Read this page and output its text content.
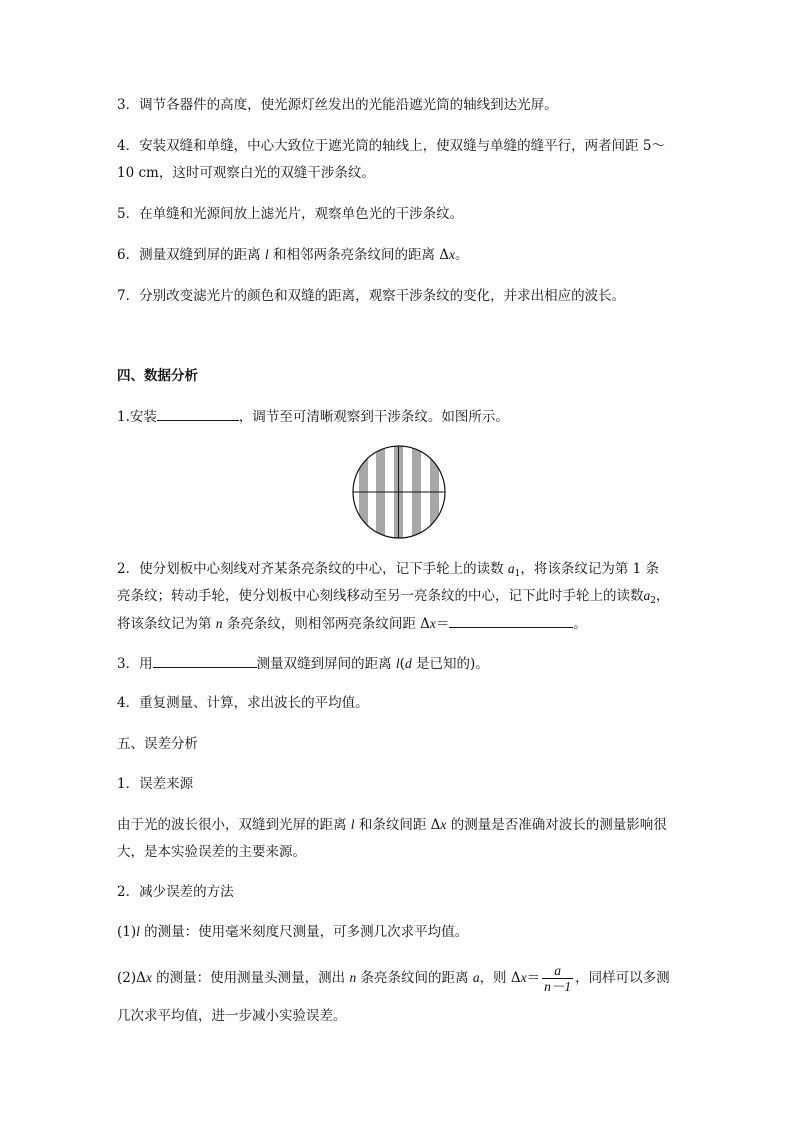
3．调节各器件的高度，使光源灯丝发出的光能沿遮光筒的轴线到达光屏。
4．安装双缝和单缝，中心大致位于遮光筒的轴线上，使双缝与单缝的缝平行，两者间距 5～
10 cm，这时可观察白光的双缝干涉条纹。
5．在单缝和光源间放上滤光片，观察单色光的干涉条纹。
6．测量双缝到屏的距离 l 和相邻两条亮条纹间的距离 Δx。
7．分别改变滤光片的颜色和双缝的距离，观察干涉条纹的变化，并求出相应的波长。
四、数据分析
1.安装	，调节至可清晰观察到干涉条纹。如图所示。
2．使分划板中心刻线对齐某条亮条纹的中心，记下手轮上的读数 $a_1$，将该条纹记为第 1 条
亮条纹；转动手轮，使分划板中心刻线移动至另一亮条纹的中心，记下此时手轮上的读数$a_2$，
将该条纹记为第 n 条亮条纹，则相邻两亮条纹间距 Δx＝	。
3．用	测量双缝到屏间的距离 l(d 是已知的)。
4．重复测量、计算，求出波长的平均值。
五、误差分析
1．误差来源
由于光的波长很小，双缝到光屏的距离 l 和条纹间距 Δx 的测量是否准确对波长的测量影响很
大，是本实验误差的主要来源。
2．减少误差的方法
(1)l 的测量：使用毫米刻度尺测量，可多测几次求平均值。
(2)Δx 的测量：使用测量头测量，测出 n 条亮条纹间的距离 a，则 $\Delta x= \frac{a}{n-1}$ ，同样可以多测
几次求平均值，进一步减小实验误差。
